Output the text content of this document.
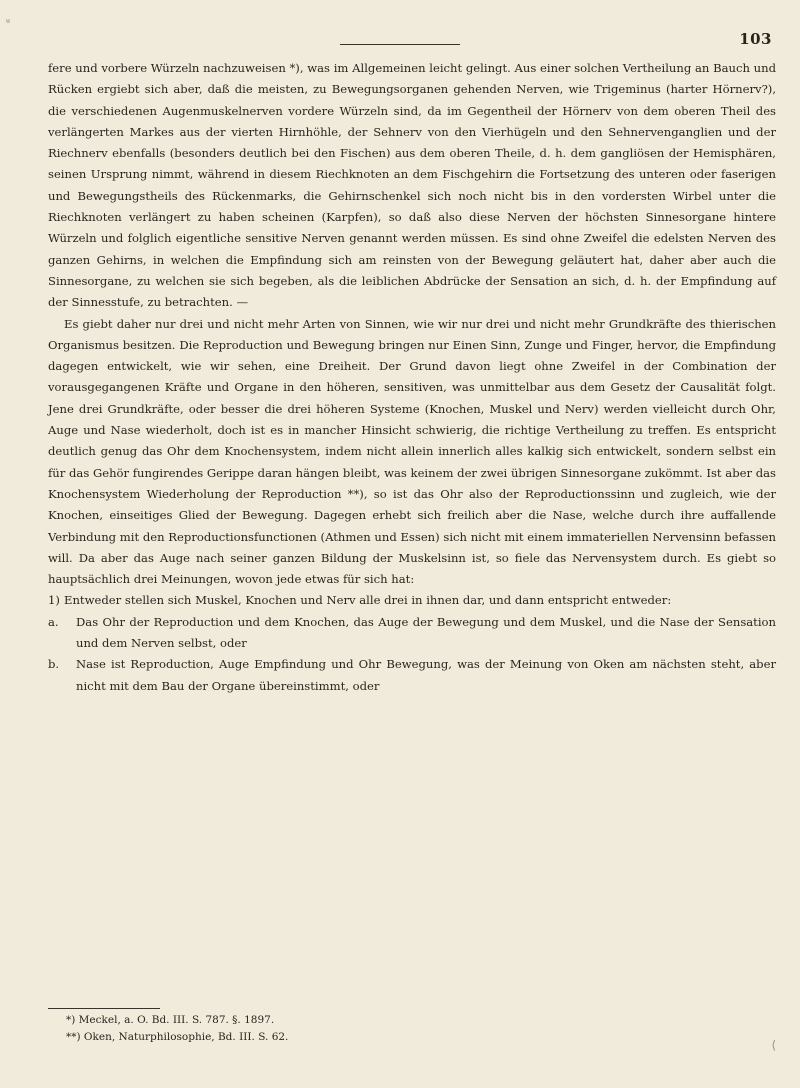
ᵘ
103

fere und vorbere Würzeln nachzuweisen *), was im Allgemeinen leicht gelingt. Aus einer solchen Vertheilung an Bauch und Rücken ergiebt sich aber, daß die meisten, zu Bewegungsorganen gehenden Nerven, wie Trigeminus (harter Hörnerv?), die verschiedenen Augenmuskelnerven vordere Würzeln sind, da im Gegentheil der Hörnerv von dem oberen Theil des verlängerten Markes aus der vierten Hirnhöhle, der Sehnerv von den Vierhügeln und den Sehnervenganglien und der Riechnerv ebenfalls (besonders deutlich bei den Fischen) aus dem oberen Theile, d. h. dem gangliösen der Hemisphären, seinen Ursprung nimmt, während in diesem Riechknoten an dem Fischgehirn die Fortsetzung des unteren oder faserigen und Bewegungstheils des Rückenmarks, die Gehirnschenkel sich noch nicht bis in den vordersten Wirbel unter die Riechknoten verlängert zu haben scheinen (Karpfen), so daß also diese Nerven der höchsten Sinnesorgane hintere Würzeln und folglich eigentliche sensitive Nerven genannt werden müssen. Es sind ohne Zweifel die edelsten Nerven des ganzen Gehirns, in welchen die Empfindung sich am reinsten von der Bewegung geläutert hat, daher aber auch die Sinnesorgane, zu welchen sie sich begeben, als die leiblichen Abdrücke der Sensation an sich, d. h. der Empfindung auf der Sinnesstufe, zu betrachten. —

Es giebt daher nur drei und nicht mehr Arten von Sinnen, wie wir nur drei und nicht mehr Grundkräfte des thierischen Organismus besitzen. Die Reproduction und Bewegung bringen nur Einen Sinn, Zunge und Finger, hervor, die Empfindung dagegen entwickelt, wie wir sehen, eine Dreiheit. Der Grund davon liegt ohne Zweifel in der Combination der vorausgegangenen Kräfte und Organe in den höheren, sensitiven, was unmittelbar aus dem Gesetz der Causalität folgt. Jene drei Grundkräfte, oder besser die drei höheren Systeme (Knochen, Muskel und Nerv) werden vielleicht durch Ohr, Auge und Nase wiederholt, doch ist es in mancher Hinsicht schwierig, die richtige Vertheilung zu treffen. Es entspricht deutlich genug das Ohr dem Knochensystem, indem nicht allein innerlich alles kalkig sich entwickelt, sondern selbst ein für das Gehör fungirendes Gerippe daran hängen bleibt, was keinem der zwei übrigen Sinnesorgane zukömmt. Ist aber das Knochensystem Wiederholung der Reproduction **), so ist das Ohr also der Reproductionssinn und zugleich, wie der Knochen, einseitiges Glied der Bewegung. Dagegen erhebt sich freilich aber die Nase, welche durch ihre auffallende Verbindung mit den Reproductionsfunctionen (Athmen und Essen) sich nicht mit einem immateriellen Nervensinn befassen will. Da aber das Auge nach seiner ganzen Bildung der Muskelsinn ist, so fiele das Nervensystem durch. Es giebt so hauptsächlich drei Meinungen, wovon jede etwas für sich hat:

1) Entweder stellen sich Muskel, Knochen und Nerv alle drei in ihnen dar, und dann entspricht entweder:
a. Das Ohr der Reproduction und dem Knochen, das Auge der Bewegung und dem Muskel, und die Nase der Sensation und dem Nerven selbst, oder
b. Nase ist Reproduction, Auge Empfindung und Ohr Bewegung, was der Meinung von Oken am nächsten steht, aber nicht mit dem Bau der Organe übereinstimmt, oder
*) Meckel, a. O. Bd. III. S. 787. §. 1897.
**) Oken, Naturphilosophie, Bd. III. S. 62.
⟨
